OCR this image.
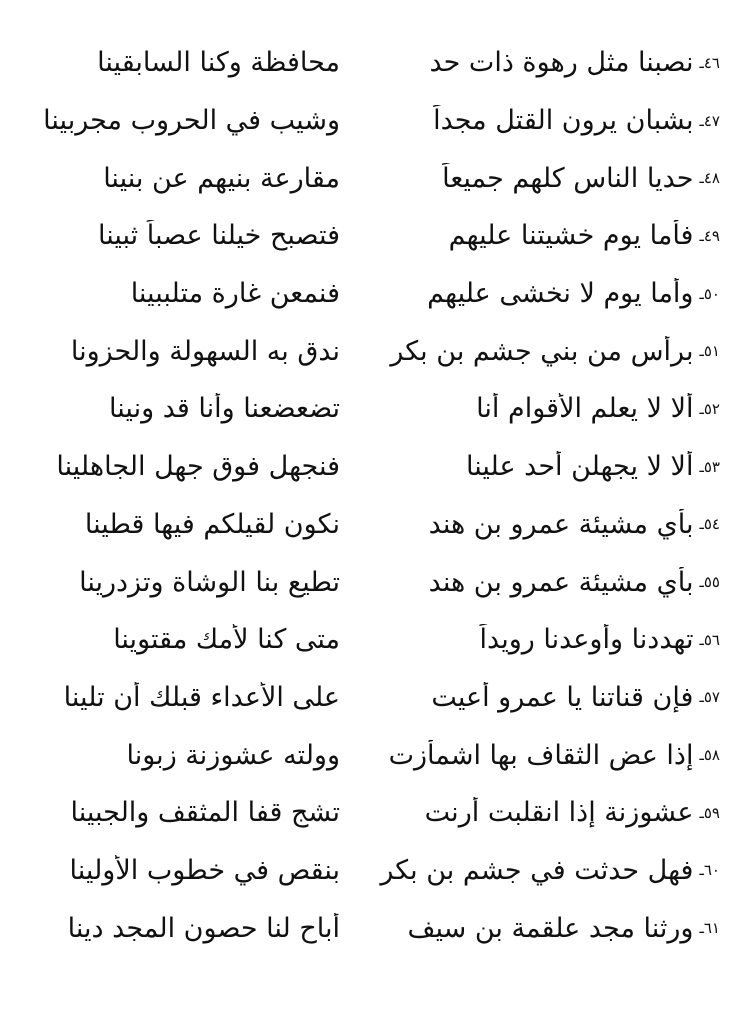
٤٦ـ
نصبنا مثل رهوة ذات حد
محافظة وكنا السابقينا
٤٧ـ
بشبان يرون القتل مجداً
وشيب في الحروب مجربينا
٤٨ـ
حديا الناس كلهم جميعاً
مقارعة بنيهم عن بنينا
٤٩ـ
فأما يوم خشيتنا عليهم
فتصبح خيلنا عصباً ثبينا
٥٠ـ
وأما يوم لا نخشى عليهم
فنمعن غارة متلببينا
٥١ـ
برأس من بني جشم بن بكر
ندق به السهولة والحزونا
٥٢ـ
ألا لا يعلم الأقوام أنا
تضعضعنا وأنا قد ونينا
٥٣ـ
ألا لا يجهلن أحد علينا
فنجهل فوق جهل الجاهلينا
٥٤ـ
بأي مشيئة عمرو بن هند
نكون لقيلكم فيها قطينا
٥٥ـ
بأي مشيئة عمرو بن هند
تطيع بنا الوشاة وتزدرينا
٥٦ـ
تهددنا وأوعدنا رويداً
متى كنا لأمك مقتوينا
٥٧ـ
فإن قناتنا يا عمرو أعيت
على الأعداء قبلك أن تلينا
٥٨ـ
إذا عض الثقاف بها اشمأزت
وولته عشوزنة زبونا
٥٩ـ
عشوزنة إذا انقلبت أرنت
تشج قفا المثقف والجبينا
٦٠ـ
فهل حدثت في جشم بن بكر
بنقص في خطوب الأولينا
٦١ـ
ورثنا مجد علقمة بن سيف
أباح لنا حصون المجد دينا
